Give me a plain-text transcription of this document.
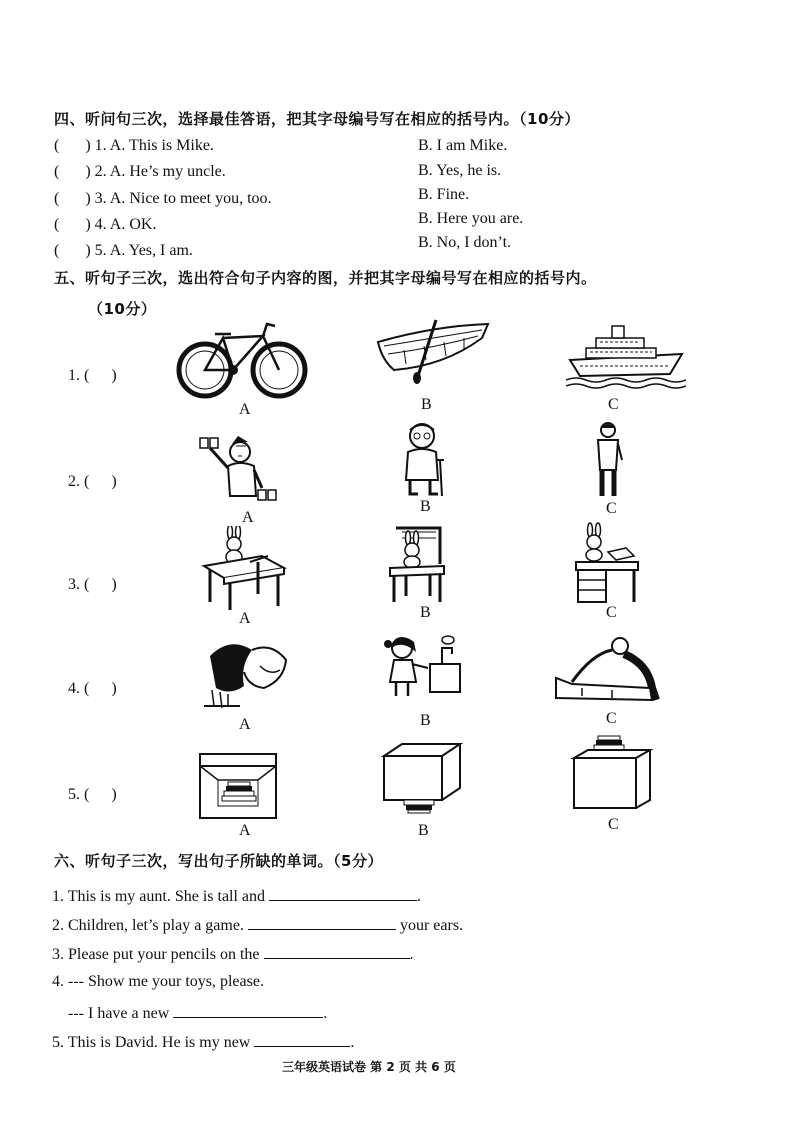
四、听问句三次，选择最佳答语，把其字母编号写在相应的括号内。（10分）
( ) 1. A. This is Mike.	B. I am Mike.
( ) 2. A. He’s my uncle.	B. Yes, he is.
( ) 3. A. Nice to meet you, too.	B. Fine.
( ) 4. A. OK.	B. Here you are.
( ) 5. A. Yes, I am.	B. No, I don’t.
五、听句子三次，选出符合句子内容的图，并把其字母编号写在相应的括号内。
（10分）
1. ( )
A	B	C
2. ( )
A
B	C
3. ( )
A	B	C
4. ( )
A	B	C
5. ( )
A	B	C
六、听句子三次，写出句子所缺的单词。（5分）
1. This is my aunt. She is tall and	.
2. Children, let’s play a game.	your ears.
3. Please put your pencils on the	.
4. --- Show me your toys, please.
--- I have a new	.
5. This is David. He is my new	.
三年级英语试卷 第 2 页 共 6 页
